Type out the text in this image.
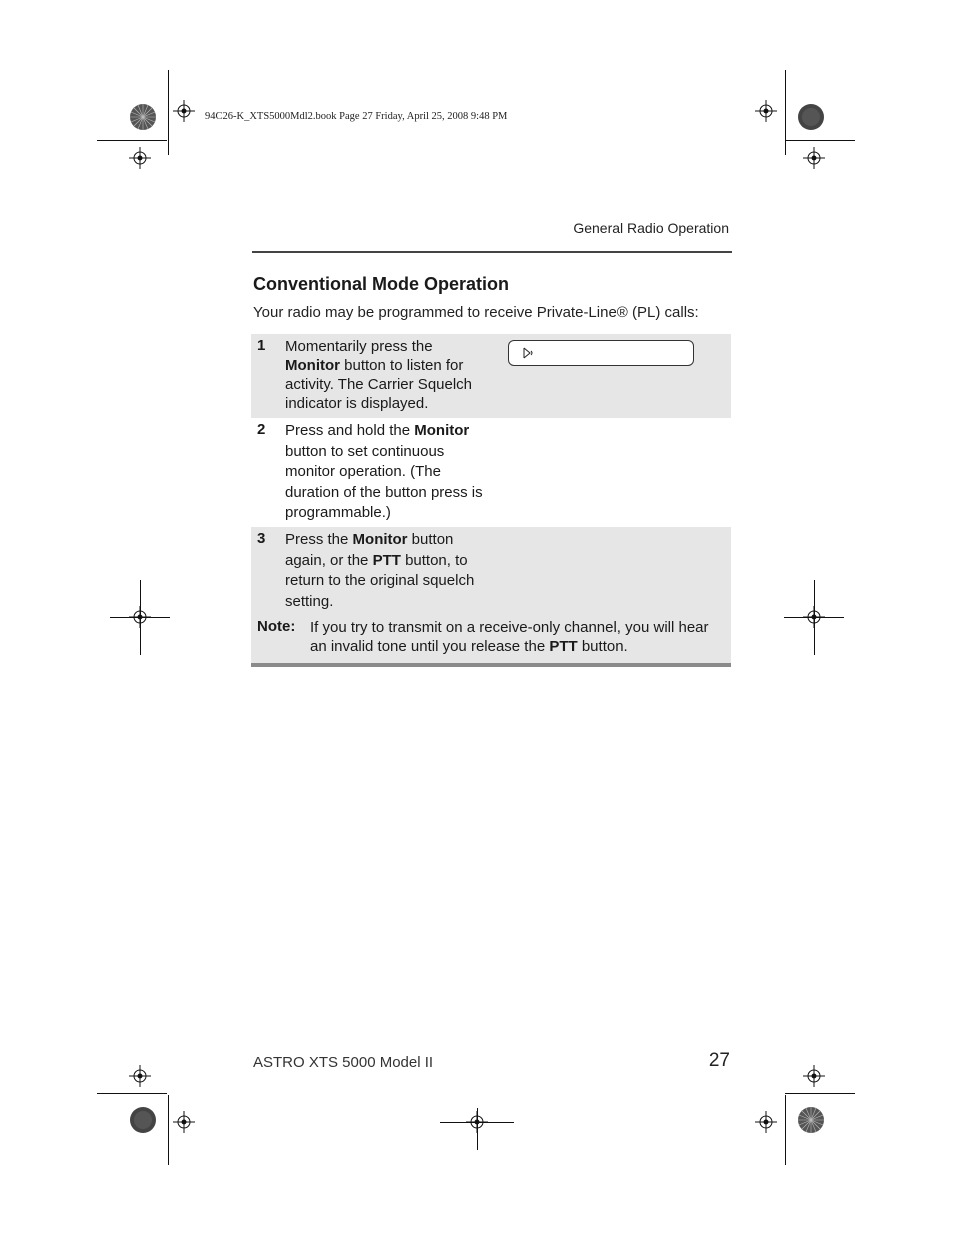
94C26-K_XTS5000Mdl2.book Page 27 Friday, April 25, 2008 9:48 PM
General Radio Operation
Conventional Mode Operation
Your radio may be programmed to receive Private-Line® (PL) calls:
1 Momentarily press the Monitor button to listen for activity. The Carrier Squelch indicator is displayed.
2 Press and hold the Monitor button to set continuous monitor operation. (The duration of the button press is programmable.)
3 Press the Monitor button again, or the PTT button, to return to the original squelch setting.
Note: If you try to transmit on a receive-only channel, you will hear an invalid tone until you release the PTT button.
ASTRO XTS 5000 Model II	27
